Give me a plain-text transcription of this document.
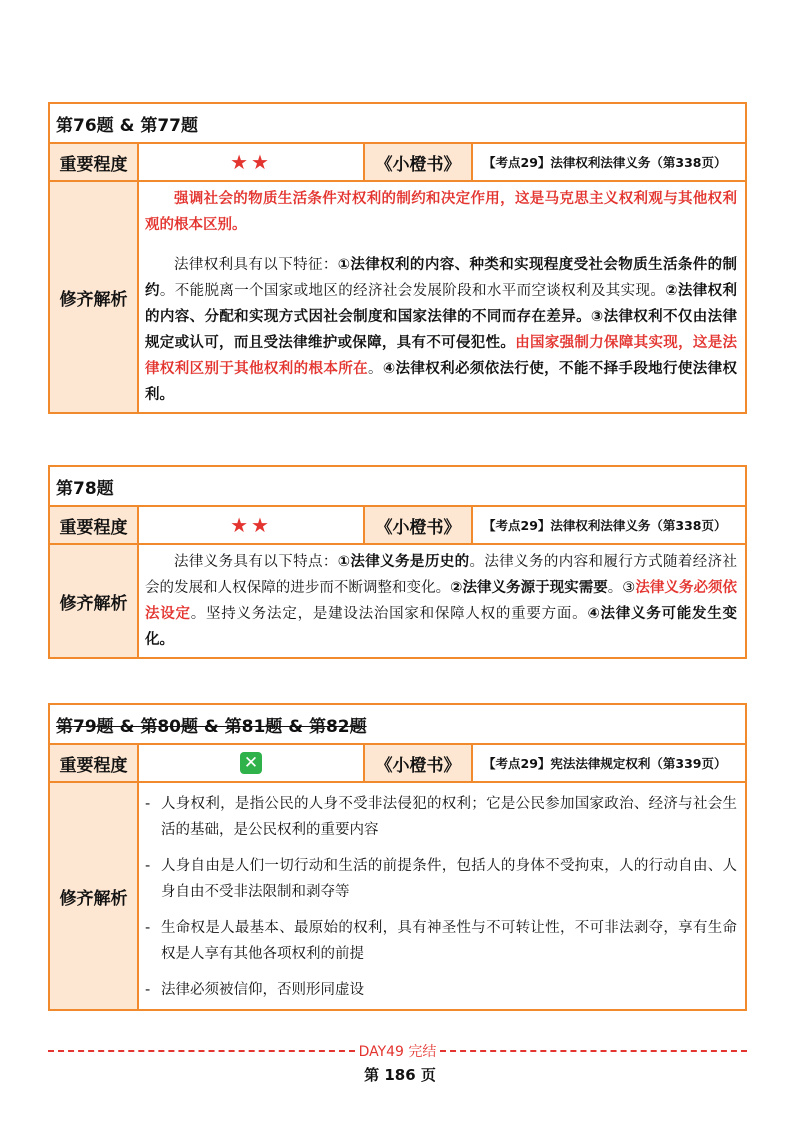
第76题 & 第77题
重要程度	★★	《小橙书》	【考点29】法律权利法律义务（第338页）
修齐解析

强调社会的物质生活条件对权利的制约和决定作用，这是马克思主义权利观与其他权利观的根本区别。

法律权利具有以下特征：①法律权利的内容、种类和实现程度受社会物质生活条件的制约。不能脱离一个国家或地区的经济社会发展阶段和水平而空谈权利及其实现。②法律权利的内容、分配和实现方式因社会制度和国家法律的不同而存在差异。③法律权利不仅由法律规定或认可，而且受法律维护或保障，具有不可侵犯性。由国家强制力保障其实现，这是法律权利区别于其他权利的根本所在。④法律权利必须依法行使，不能不择手段地行使法律权利。

第78题
重要程度	★★	《小橙书》	【考点29】法律权利法律义务（第338页）
修齐解析

法律义务具有以下特点：①法律义务是历史的。法律义务的内容和履行方式随着经济社会的发展和人权保障的进步而不断调整和变化。②法律义务源于现实需要。③法律义务必须依法设定。坚持义务法定，是建设法治国家和保障人权的重要方面。④法律义务可能发生变化。

第79题 & 第80题 & 第81题 & 第82题
重要程度	✕	《小橙书》	【考点29】宪法法律规定权利（第339页）
修齐解析
- 人身权利，是指公民的人身不受非法侵犯的权利；它是公民参加国家政治、经济与社会生活的基础，是公民权利的重要内容
- 人身自由是人们一切行动和生活的前提条件，包括人的身体不受拘束，人的行动自由、人身自由不受非法限制和剥夺等
- 生命权是人最基本、最原始的权利，具有神圣性与不可转让性，不可非法剥夺，享有生命权是人享有其他各项权利的前提
- 法律必须被信仰，否则形同虚设
DAY49 完结
第 186 页
